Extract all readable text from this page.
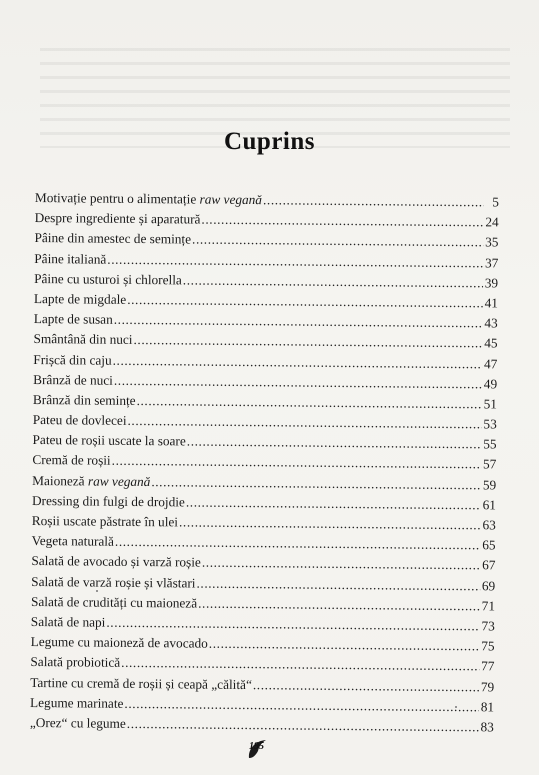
Cuprins
Motivație pentru o alimentație raw vegană .....	5
Despre ingrediente și aparatură .....	24
Pâine din amestec de semințe .....	35
Pâine italiană .....	37
Pâine cu usturoi și chlorella .....	39
Lapte de migdale .....	41
Lapte de susan .....	43
Smântână din nuci .....	45
Frișcă din caju .....	47
Brânză de nuci .....	49
Brânză din semințe .....	51
Pateu de dovlecei .....	53
Pateu de roșii uscate la soare .....	55
Cremă de roșii .....	57
Maioneză raw vegană .....	59
Dressing din fulgi de drojdie .....	61
Roșii uscate păstrate în ulei .....	63
Vegeta naturală .....	65
Salată de avocado și varză roșie .....	67
Salată de varză roșie și vlăstari .....	69
Salată de crudități cu maioneză .....	71
Salată de napi .....	73
Legume cu maioneză de avocado .....	75
Salată probiotică .....	77
Tartine cu cremă de roșii și ceapă „călită“ .....	79
Legume marinate .....	81
„Orez“ cu legume .....	83
195
